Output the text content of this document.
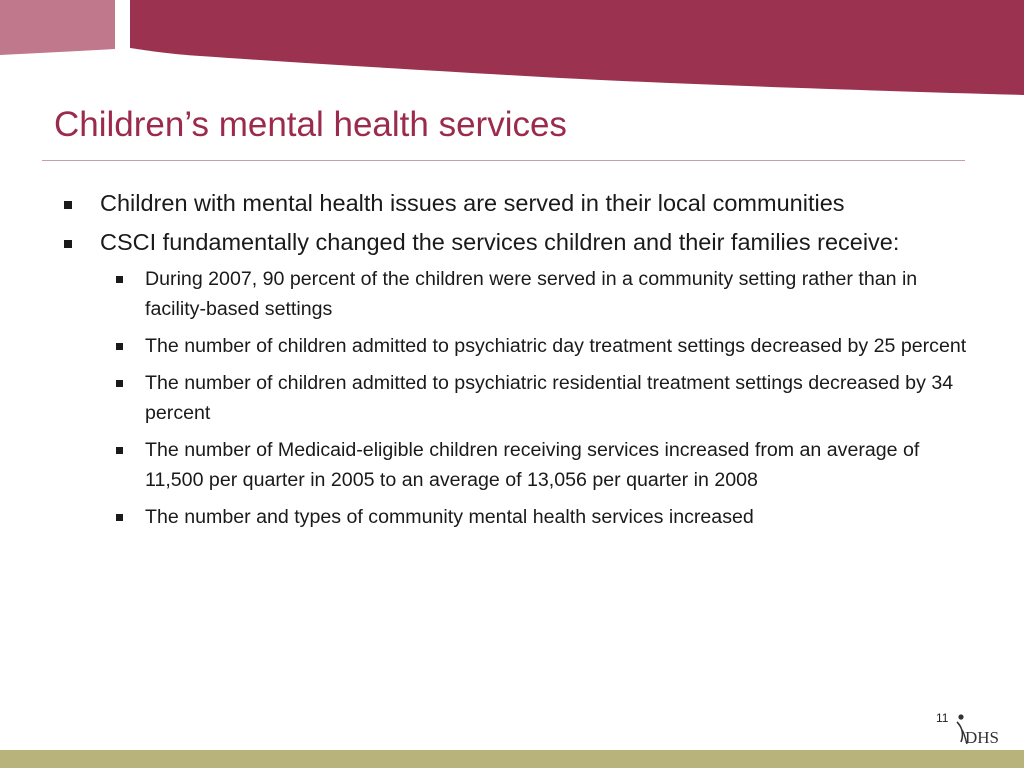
Children’s mental health services
Children with mental health issues are served in their local communities
CSCI fundamentally changed the services children and their families receive:
During 2007, 90 percent of the children were served in a community setting rather than in facility-based settings
The number of children admitted to psychiatric day treatment settings decreased by 25 percent
The number of children admitted to psychiatric residential treatment settings decreased by 34 percent
The number of Medicaid-eligible children receiving services increased from an average of 11,500 per quarter in 2005 to an average of 13,056 per quarter in 2008
The number and types of community mental health services increased
11
DHS
